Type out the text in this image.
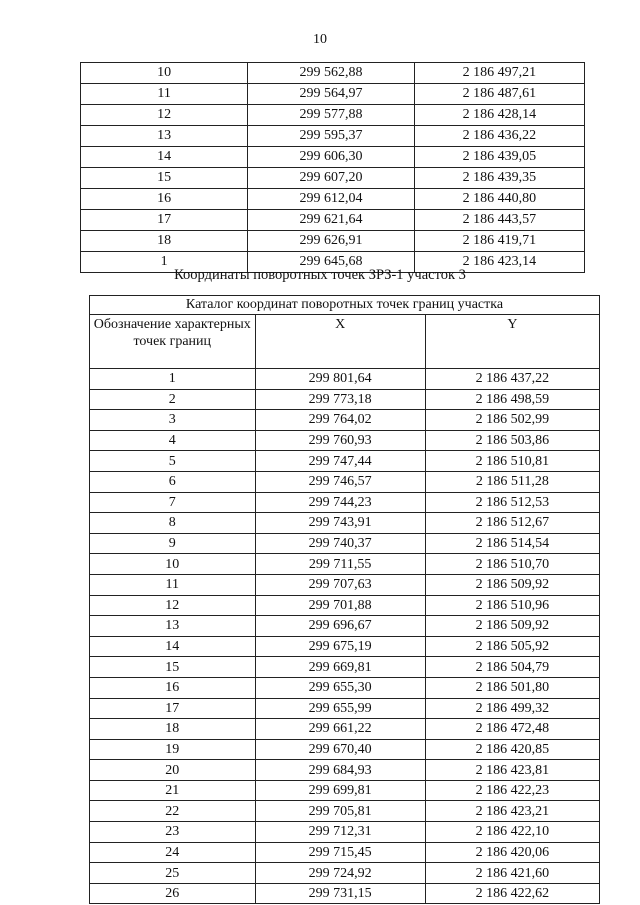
10
10	299 562,88	2 186 497,21
11	299 564,97	2 186 487,61
12	299 577,88	2 186 428,14
13	299 595,37	2 186 436,22
14	299 606,30	2 186 439,05
15	299 607,20	2 186 439,35
16	299 612,04	2 186 440,80
17	299 621,64	2 186 443,57
18	299 626,91	2 186 419,71
1	299 645,68	2 186 423,14
Координаты поворотных точек ЗРЗ-1 участок 3
Каталог координат поворотных точек границ участка		
Обозначение характерных точек границ	X	Y
1	299 801,64	2 186 437,22
2	299 773,18	2 186 498,59
3	299 764,02	2 186 502,99
4	299 760,93	2 186 503,86
5	299 747,44	2 186 510,81
6	299 746,57	2 186 511,28
7	299 744,23	2 186 512,53
8	299 743,91	2 186 512,67
9	299 740,37	2 186 514,54
10	299 711,55	2 186 510,70
11	299 707,63	2 186 509,92
12	299 701,88	2 186 510,96
13	299 696,67	2 186 509,92
14	299 675,19	2 186 505,92
15	299 669,81	2 186 504,79
16	299 655,30	2 186 501,80
17	299 655,99	2 186 499,32
18	299 661,22	2 186 472,48
19	299 670,40	2 186 420,85
20	299 684,93	2 186 423,81
21	299 699,81	2 186 422,23
22	299 705,81	2 186 423,21
23	299 712,31	2 186 422,10
24	299 715,45	2 186 420,06
25	299 724,92	2 186 421,60
26	299 731,15	2 186 422,62
